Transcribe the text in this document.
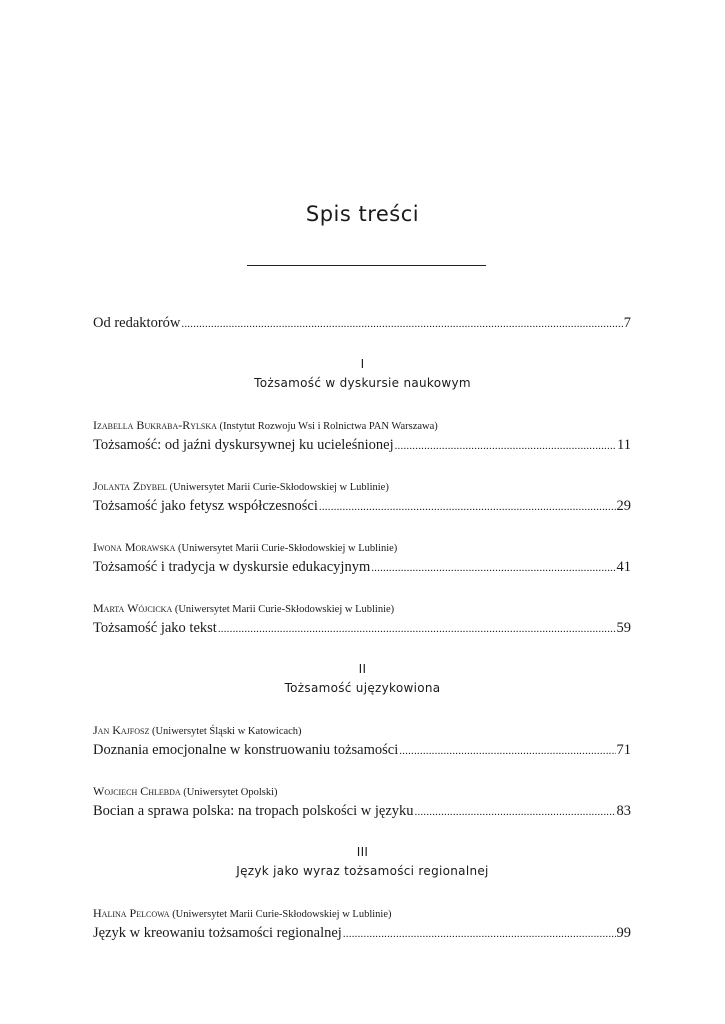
Spis treści
Od redaktorów .....	7
I
Tożsamość w dyskursie naukowym
Izabella Bukraba-Rylska (Instytut Rozwoju Wsi i Rolnictwa PAN Warszawa)
Tożsamość: od jaźni dyskursywnej ku ucieleśnionej .....	11
Jolanta Zdybel (Uniwersytet Marii Curie-Skłodowskiej w Lublinie)
Tożsamość jako fetysz współczesności .....	29
Iwona Morawska (Uniwersytet Marii Curie-Skłodowskiej w Lublinie)
Tożsamość i tradycja w dyskursie edukacyjnym .....	41
Marta Wójcicka (Uniwersytet Marii Curie-Skłodowskiej w Lublinie)
Tożsamość jako tekst .....	59
II
Tożsamość ujęzykowiona
Jan Kajfosz (Uniwersytet Śląski w Katowicach)
Doznania emocjonalne w konstruowaniu tożsamości .....	71
Wojciech Chlebda (Uniwersytet Opolski)
Bocian a sprawa polska: na tropach polskości w języku .....	83
III
Język jako wyraz tożsamości regionalnej
Halina Pelcowa (Uniwersytet Marii Curie-Skłodowskiej w Lublinie)
Język w kreowaniu tożsamości regionalnej .....	99
